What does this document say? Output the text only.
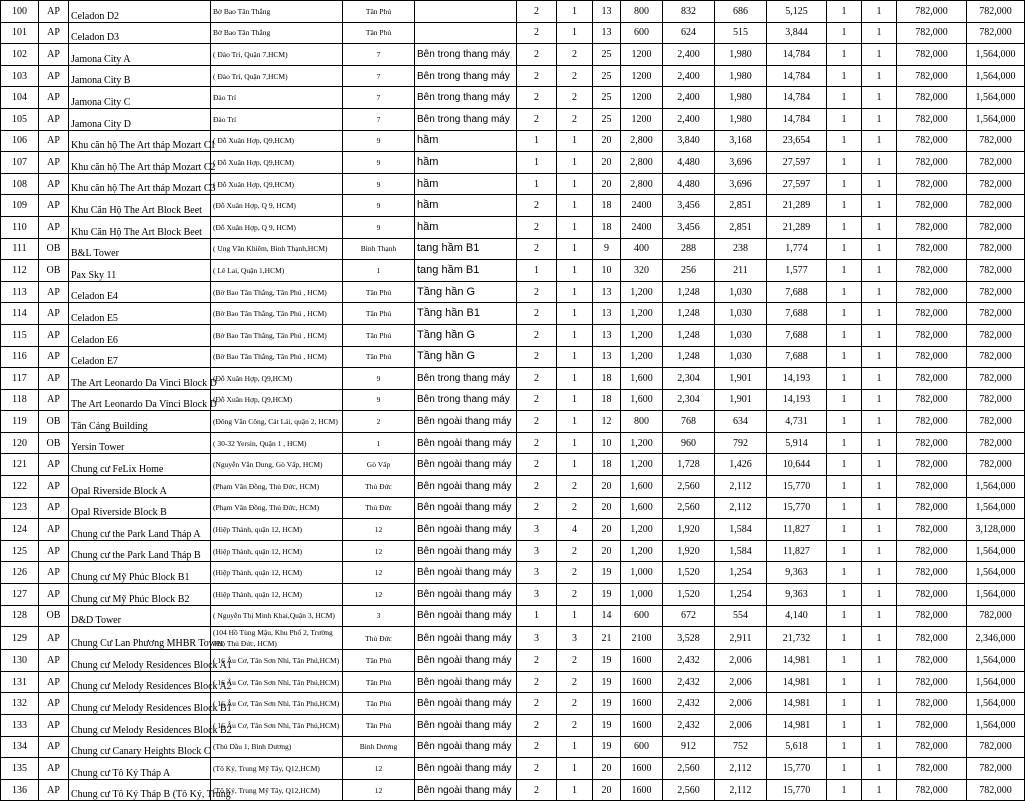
100	AP	Celadon D2	Bờ Bao Tân Thắng	Tân Phú		2	1	13	800	832	686	5,125	1	1	782,000	782,000
101	AP	Celadon D3	Bờ Bao Tân Thắng	Tân Phú		2	1	13	600	624	515	3,844	1	1	782,000	782,000
102	AP	Jamona City A	( Đào Trí, Quận 7,HCM)	7	Bên trong thang máy	2	2	25	1200	2,400	1,980	14,784	1	1	782,000	1,564,000
103	AP	Jamona City B	( Đào Trí, Quận 7,HCM)	7	Bên trong thang máy	2	2	25	1200	2,400	1,980	14,784	1	1	782,000	1,564,000
104	AP	Jamona City C	Đào Trí	7	Bên trong thang máy	2	2	25	1200	2,400	1,980	14,784	1	1	782,000	1,564,000
105	AP	Jamona City D	Đào Trí	7	Bên trong thang máy	2	2	25	1200	2,400	1,980	14,784	1	1	782,000	1,564,000
106	AP	Khu căn hộ The Art tháp Mozart C1	( Đỗ Xuân Hợp, Q9,HCM)	9	hầm	1	1	20	2,800	3,840	3,168	23,654	1	1	782,000	782,000
107	AP	Khu căn hộ The Art tháp Mozart C2	( Đỗ Xuân Hợp, Q9,HCM)	9	hầm	1	1	20	2,800	4,480	3,696	27,597	1	1	782,000	782,000
108	AP	Khu căn hộ The Art tháp Mozart C3	( Đỗ Xuân Hợp, Q9,HCM)	9	hầm	1	1	20	2,800	4,480	3,696	27,597	1	1	782,000	782,000
109	AP	Khu Căn Hộ The Art Block Beet	(Đỗ Xuân Hợp, Q 9, HCM)	9	hầm	2	1	18	2400	3,456	2,851	21,289	1	1	782,000	782,000
110	AP	Khu Căn Hộ The Art Block Beet	(Đỗ Xuân Hợp, Q 9, HCM)	9	hầm	2	1	18	2400	3,456	2,851	21,289	1	1	782,000	782,000
111	OB	B&L Tower	( Ung Văn Khiêm, Bình Thạnh,HCM)	Bình Thạnh	tang hầm B1	2	1	9	400	288	238	1,774	1	1	782,000	782,000
112	OB	Pax Sky 11	( Lê Lai, Quận 1,HCM)	1	tang hầm B1	1	1	10	320	256	211	1,577	1	1	782,000	782,000
113	AP	Celadon E4	(Bờ Bao Tân Thắng, Tân Phú , HCM)	Tân Phú	Tầng hần G	2	1	13	1,200	1,248	1,030	7,688	1	1	782,000	782,000
114	AP	Celadon E5	(Bờ Bao Tân Thắng, Tân Phú , HCM)	Tân Phú	Tầng hần B1	2	1	13	1,200	1,248	1,030	7,688	1	1	782,000	782,000
115	AP	Celadon E6	(Bờ Bao Tân Thắng, Tân Phú , HCM)	Tân Phú	Tầng hần G	2	1	13	1,200	1,248	1,030	7,688	1	1	782,000	782,000
116	AP	Celadon E7	(Bờ Bao Tân Thắng, Tân Phú , HCM)	Tân Phú	Tầng hần G	2	1	13	1,200	1,248	1,030	7,688	1	1	782,000	782,000
117	AP	The Art Leonardo Da Vinci Block D	(Đỗ Xuân Hợp, Q9,HCM)	9	Bên trong thang máy	2	1	18	1,600	2,304	1,901	14,193	1	1	782,000	782,000
118	AP	The Art Leonardo Da Vinci Block D	(Đỗ Xuân Hợp, Q9,HCM)	9	Bên trong thang máy	2	1	18	1,600	2,304	1,901	14,193	1	1	782,000	782,000
119	OB	Tân Cảng Building	(Đông Văn Công, Cát Lái, quận 2, HCM)	2	Bên ngoài thang máy	2	1	12	800	768	634	4,731	1	1	782,000	782,000
120	OB	Yersin Tower	( 30-32 Yersin, Quận 1 , HCM)	1	Bên ngoài thang máy	2	1	10	1,200	960	792	5,914	1	1	782,000	782,000
121	AP	Chung cư FeLix Home	(Nguyễn Văn Dung, Gò Vấp, HCM)	Gò Vấp	Bên ngoài thang máy	2	1	18	1,200	1,728	1,426	10,644	1	1	782,000	782,000
122	AP	Opal Riverside Block A	(Phạm Văn Đồng, Thủ Đức, HCM)	Thủ Đức	Bên ngoài thang máy	2	2	20	1,600	2,560	2,112	15,770	1	1	782,000	1,564,000
123	AP	Opal Riverside Block B	(Phạm Văn Đồng, Thủ Đức, HCM)	Thủ Đức	Bên ngoài thang máy	2	2	20	1,600	2,560	2,112	15,770	1	1	782,000	1,564,000
124	AP	Chung cư the Park Land Tháp A	(Hiệp Thành, quận 12, HCM)	12	Bên ngoài thang máy	3	4	20	1,200	1,920	1,584	11,827	1	1	782,000	3,128,000
125	AP	Chung cư the Park Land Tháp B	(Hiệp Thành, quận 12, HCM)	12	Bên ngoài thang máy	3	2	20	1,200	1,920	1,584	11,827	1	1	782,000	1,564,000
126	AP	Chung cư Mỹ Phúc Block B1	(Hiệp Thành, quận 12, HCM)	12	Bên ngoài thang máy	3	2	19	1,000	1,520	1,254	9,363	1	1	782,000	1,564,000
127	AP	Chung cư Mỹ Phúc Block B2	(Hiệp Thành, quận 12, HCM)	12	Bên ngoài thang máy	3	2	19	1,000	1,520	1,254	9,363	1	1	782,000	1,564,000
128	OB	D&D Tower	( Nguyễn Thị Minh Khai,Quận 3, HCM)	3	Bên ngoài thang máy	1	1	14	600	672	554	4,140	1	1	782,000	782,000
129	AP	Chung Cư Lan Phương MHBR Tower	(104 Hồ Tùng Mậu, Khu Phố 2, Trường Thọ Thủ Đức, HCM)	Thủ Đức	Bên ngoài thang máy	3	3	21	2100	3,528	2,911	21,732	1	1	782,000	2,346,000
130	AP	Chung cư Melody Residences Block A1	( 16 Âu Cơ, Tân Sơn Nhì, Tân Phú,HCM)	Tân Phú	Bên ngoài thang máy	2	2	19	1600	2,432	2,006	14,981	1	1	782,000	1,564,000
131	AP	Chung cư Melody Residences Block A2	( 16 Âu Cơ, Tân Sơn Nhì, Tân Phú,HCM)	Tân Phú	Bên ngoài thang máy	2	2	19	1600	2,432	2,006	14,981	1	1	782,000	1,564,000
132	AP	Chung cư Melody Residences Block B1	( 16 Âu Cơ, Tân Sơn Nhì, Tân Phú,HCM)	Tân Phú	Bên ngoài thang máy	2	2	19	1600	2,432	2,006	14,981	1	1	782,000	1,564,000
133	AP	Chung cư Melody Residences Block B2	( 16 Âu Cơ, Tân Sơn Nhì, Tân Phú,HCM)	Tân Phú	Bên ngoài thang máy	2	2	19	1600	2,432	2,006	14,981	1	1	782,000	1,564,000
134	AP	Chung cư Canary Heights Block C	(Thủ Dầu 1, Bình Dương)	Bình Dương	Bên ngoài thang máy	2	1	19	600	912	752	5,618	1	1	782,000	782,000
135	AP	Chung cư Tô Ký Tháp A	(Tô Ký, Trung Mỹ Tây, Q12,HCM)	12	Bên ngoài thang máy	2	1	20	1600	2,560	2,112	15,770	1	1	782,000	782,000
136	AP	Chung cư Tô Ký Tháp B (Tô Ký, Trung	(Tô Ký, Trung Mỹ Tây, Q12,HCM)	12	Bên ngoài thang máy	2	1	20	1600	2,560	2,112	15,770	1	1	782,000	782,000
